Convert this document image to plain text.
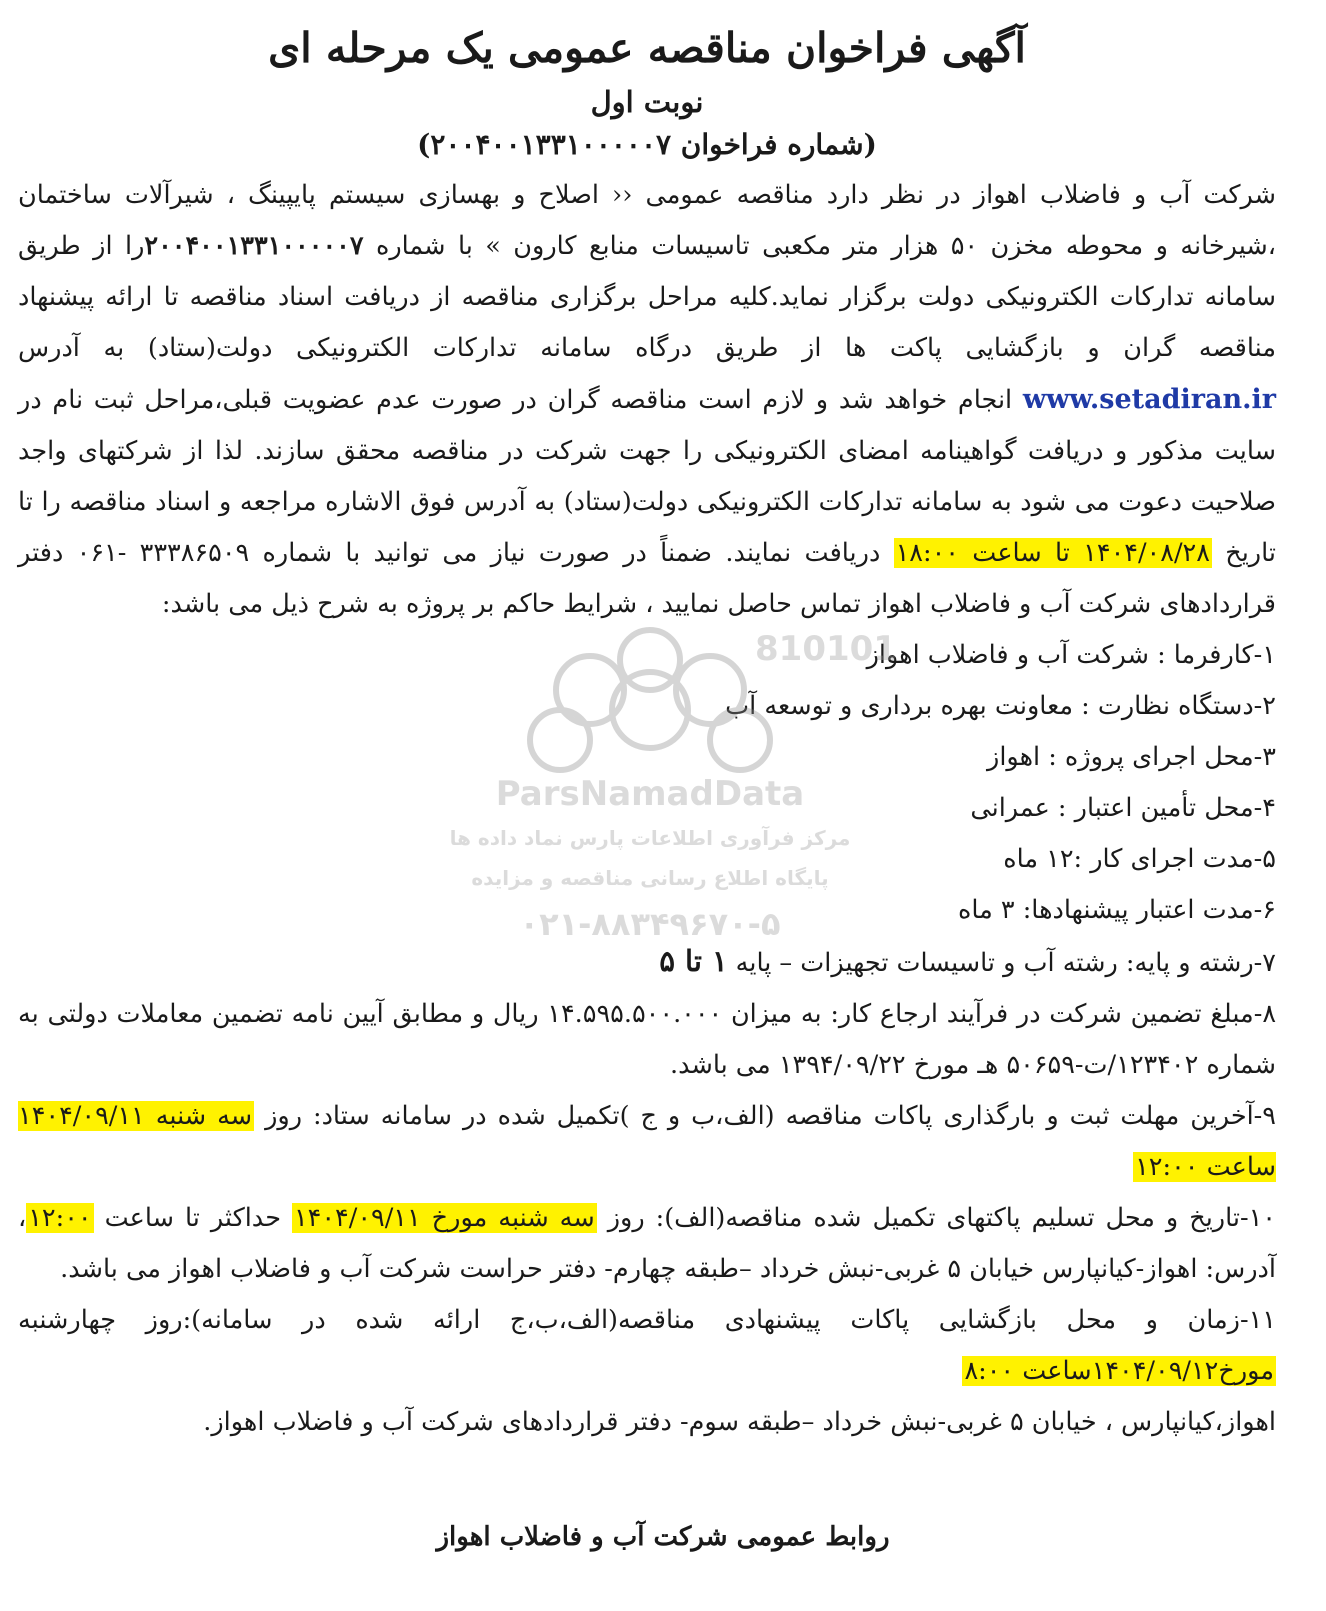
آگهی فراخوان مناقصه عمومی یک مرحله ای
نوبت اول
(شماره فراخوان ۲۰۰۴۰۰۱۳۳۱۰۰۰۰۰۷)

شرکت آب و فاضلاب اهواز در نظر دارد مناقصه عمومی ‹‹ اصلاح و بهسازی سیستم پایپینگ ، شیرآلات ساختمان ،شیرخانه و محوطه مخزن ۵۰ هزار متر مکعبی تاسیسات منابع کارون » با شماره ۲۰۰۴۰۰۱۳۳۱۰۰۰۰۰۷را از طریق سامانه تدارکات الکترونیکی دولت برگزار نماید.کلیه مراحل برگزاری مناقصه از دریافت اسناد مناقصه تا ارائه پیشنهاد مناقصه گران و بازگشایی پاکت ها از طریق درگاه سامانه تدارکات الکترونیکی دولت(ستاد) به آدرس www.setadiran.ir انجام خواهد شد و لازم است مناقصه گران در صورت عدم عضویت قبلی،مراحل ثبت نام در سایت مذکور و دریافت گواهینامه امضای الکترونیکی را جهت شرکت در مناقصه محقق سازند. لذا از شرکتهای واجد صلاحیت دعوت می شود به سامانه تدارکات الکترونیکی دولت(ستاد) به آدرس فوق الاشاره مراجعه و اسناد مناقصه را تا تاریخ ۱۴۰۴/۰۸/۲۸ تا ساعت ۱۸:۰۰ دریافت نمایند. ضمناً در صورت نیاز می توانید با شماره ۳۳۳۸۶۵۰۹ -۰۶۱ دفتر قراردادهای شرکت آب و فاضلاب اهواز تماس حاصل نمایید ، شرایط حاکم بر پروژه به شرح ذیل می باشد:

۱-کارفرما : شرکت آب و فاضلاب اهواز
۲-دستگاه نظارت : معاونت بهره برداری و توسعه آب
۳-محل اجرای پروژه : اهواز
۴-محل تأمین اعتبار : عمرانی
۵-مدت اجرای کار :۱۲ ماه
۶-مدت اعتبار پیشنهادها: ۳ ماه
۷-رشته و پایه: رشته آب و تاسیسات تجهیزات – پایه ۱ تا ۵
۸-مبلغ تضمین شرکت در فرآیند ارجاع کار: به میزان ۱۴.۵۹۵.۵۰۰.۰۰۰ ریال و مطابق آیین نامه تضمین معاملات دولتی به شماره ۱۲۳۴۰۲/ت-۵۰۶۵۹ هـ مورخ ۱۳۹۴/۰۹/۲۲ می باشد.
۹-آخرین مهلت ثبت و بارگذاری پاکات مناقصه (الف،ب و ج )تکمیل شده در سامانه ستاد: روز سه شنبه ۱۴۰۴/۰۹/۱۱ ساعت ۱۲:۰۰
۱۰-تاریخ و محل تسلیم پاکتهای تکمیل شده مناقصه(الف): روز سه شنبه مورخ ۱۴۰۴/۰۹/۱۱ حداکثر تا ساعت ۱۲:۰۰، آدرس: اهواز-کیانپارس خیابان ۵ غربی-نبش خرداد –طبقه چهارم- دفتر حراست شرکت آب و فاضلاب اهواز می باشد.
۱۱-زمان و محل بازگشایی پاکات پیشنهادی مناقصه(الف،ب،ج ارائه شده در سامانه):روز چهارشنبه مورخ۱۴۰۴/۰۹/۱۲ساعت ۸:۰۰
اهواز،کیانپارس ، خیابان ۵ غربی-نبش خرداد –طبقه سوم- دفتر قراردادهای شرکت آب و فاضلاب اهواز.
810101
ParsNamadData
مرکز فرآوری اطلاعات پارس نماد داده ها
پایگاه اطلاع رسانی مناقصه و مزایده
۰۲۱-۸۸۳۴۹۶۷۰-۵
روابط عمومی شرکت آب و فاضلاب اهواز
